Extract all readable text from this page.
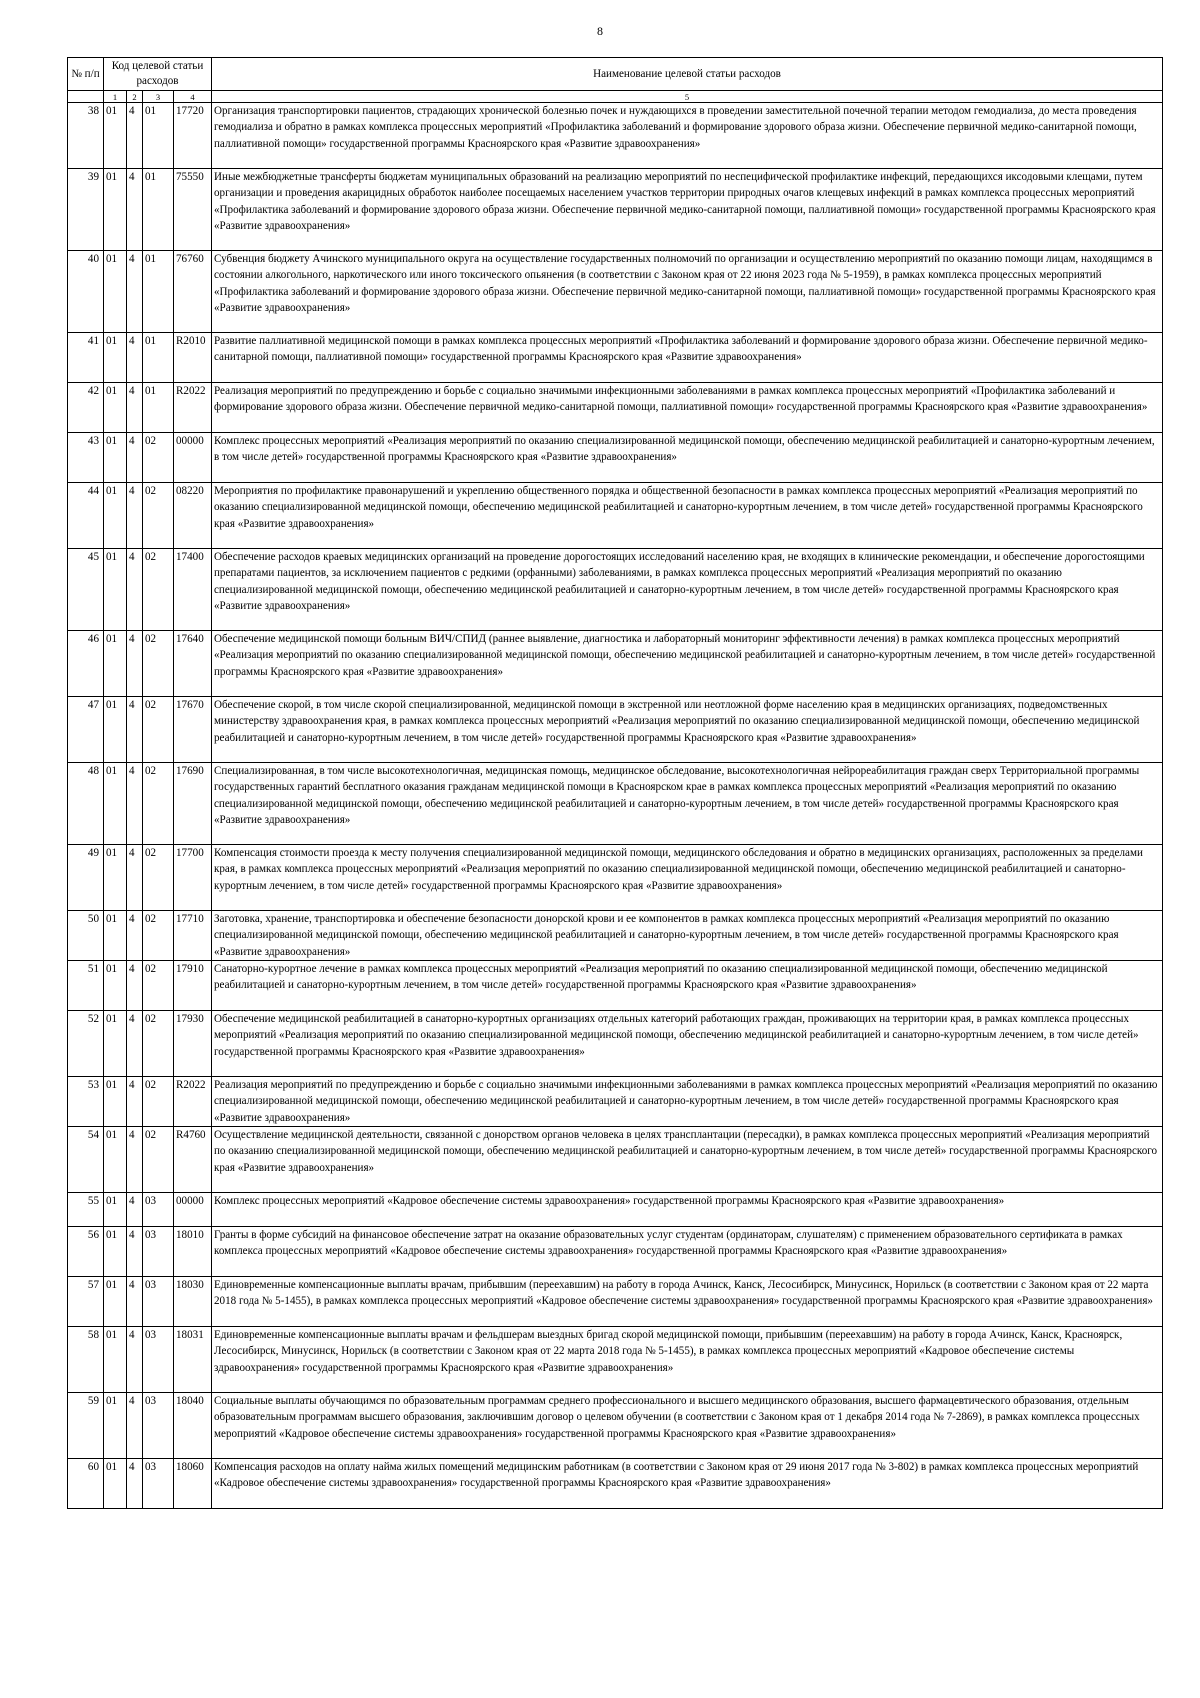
8
№ п/п	Код целевой статьи расходов				Наименование целевой статьи расходов
	1	2	3	4	5
38	01	4	01	17720	Организация транспортировки пациентов, страдающих хронической болезнью почек и нуждающихся в проведении заместительной почечной терапии методом гемодиализа, до места проведения гемодиализа и обратно в рамках комплекса процессных мероприятий «Профилактика заболеваний и формирование здорового образа жизни. Обеспечение первичной медико-санитарной помощи, паллиативной помощи» государственной программы Красноярского края «Развитие здравоохранения»
39	01	4	01	75550	Иные межбюджетные трансферты бюджетам муниципальных образований на реализацию мероприятий по неспецифической профилактике инфекций, передающихся иксодовыми клещами, путем организации и проведения акарицидных обработок наиболее посещаемых населением участков территории природных очагов клещевых инфекций в рамках комплекса процессных мероприятий «Профилактика заболеваний и формирование здорового образа жизни. Обеспечение первичной медико-санитарной помощи, паллиативной помощи» государственной программы Красноярского края «Развитие здравоохранения»
40	01	4	01	76760	Субвенция бюджету Ачинского муниципального округа на осуществление государственных полномочий по организации и осуществлению мероприятий по оказанию помощи лицам, находящимся в состоянии алкогольного, наркотического или иного токсического опьянения (в соответствии с Законом края от 22 июня 2023 года № 5-1959), в рамках комплекса процессных мероприятий «Профилактика заболеваний и формирование здорового образа жизни. Обеспечение первичной медико-санитарной помощи, паллиативной помощи» государственной программы Красноярского края «Развитие здравоохранения»
41	01	4	01	R2010	Развитие паллиативной медицинской помощи в рамках комплекса процессных мероприятий «Профилактика заболеваний и формирование здорового образа жизни. Обеспечение первичной медико-санитарной помощи, паллиативной помощи» государственной программы Красноярского края «Развитие здравоохранения»
42	01	4	01	R2022	Реализация мероприятий по предупреждению и борьбе с социально значимыми инфекционными заболеваниями в рамках комплекса процессных мероприятий «Профилактика заболеваний и формирование здорового образа жизни. Обеспечение первичной медико-санитарной помощи, паллиативной помощи» государственной программы Красноярского края «Развитие здравоохранения»
43	01	4	02	00000	Комплекс процессных мероприятий «Реализация мероприятий по оказанию специализированной медицинской помощи, обеспечению медицинской реабилитацией и санаторно-курортным лечением, в том числе детей» государственной программы Красноярского края «Развитие здравоохранения»
44	01	4	02	08220	Мероприятия по профилактике правонарушений и укреплению общественного порядка и общественной безопасности в рамках комплекса процессных мероприятий «Реализация мероприятий по оказанию специализированной медицинской помощи, обеспечению медицинской реабилитацией и санаторно-курортным лечением, в том числе детей» государственной программы Красноярского края «Развитие здравоохранения»
45	01	4	02	17400	Обеспечение расходов краевых медицинских организаций на проведение дорогостоящих исследований населению края, не входящих в клинические рекомендации, и обеспечение дорогостоящими препаратами пациентов, за исключением пациентов с редкими (орфанными) заболеваниями, в рамках комплекса процессных мероприятий «Реализация мероприятий по оказанию специализированной медицинской помощи, обеспечению медицинской реабилитацией и санаторно-курортным лечением, в том числе детей» государственной программы Красноярского края «Развитие здравоохранения»
46	01	4	02	17640	Обеспечение медицинской помощи больным ВИЧ/СПИД (раннее выявление, диагностика и лабораторный мониторинг эффективности лечения) в рамках комплекса процессных мероприятий «Реализация мероприятий по оказанию специализированной медицинской помощи, обеспечению медицинской реабилитацией и санаторно-курортным лечением, в том числе детей» государственной программы Красноярского края «Развитие здравоохранения»
47	01	4	02	17670	Обеспечение скорой, в том числе скорой специализированной, медицинской помощи в экстренной или неотложной форме населению края в медицинских организациях, подведомственных министерству здравоохранения края, в рамках комплекса процессных мероприятий «Реализация мероприятий по оказанию специализированной медицинской помощи, обеспечению медицинской реабилитацией и санаторно-курортным лечением, в том числе детей» государственной программы Красноярского края «Развитие здравоохранения»
48	01	4	02	17690	Специализированная, в том числе высокотехнологичная, медицинская помощь, медицинское обследование, высокотехнологичная нейрореабилитация граждан сверх Территориальной программы государственных гарантий бесплатного оказания гражданам медицинской помощи в Красноярском крае в рамках комплекса процессных мероприятий «Реализация мероприятий по оказанию специализированной медицинской помощи, обеспечению медицинской реабилитацией и санаторно-курортным лечением, в том числе детей» государственной программы Красноярского края «Развитие здравоохранения»
49	01	4	02	17700	Компенсация стоимости проезда к месту получения специализированной медицинской помощи, медицинского обследования и обратно в медицинских организациях, расположенных за пределами края, в рамках комплекса процессных мероприятий «Реализация мероприятий по оказанию специализированной медицинской помощи, обеспечению медицинской реабилитацией и санаторно-курортным лечением, в том числе детей» государственной программы Красноярского края «Развитие здравоохранения»
50	01	4	02	17710	Заготовка, хранение, транспортировка и обеспечение безопасности донорской крови и ее компонентов в рамках комплекса процессных мероприятий «Реализация мероприятий по оказанию специализированной медицинской помощи, обеспечению медицинской реабилитацией и санаторно-курортным лечением, в том числе детей» государственной программы Красноярского края «Развитие здравоохранения»
51	01	4	02	17910	Санаторно-курортное лечение в рамках комплекса процессных мероприятий «Реализация мероприятий по оказанию специализированной медицинской помощи, обеспечению медицинской реабилитацией и санаторно-курортным лечением, в том числе детей» государственной программы Красноярского края «Развитие здравоохранения»
52	01	4	02	17930	Обеспечение медицинской реабилитацией в санаторно-курортных организациях отдельных категорий работающих граждан, проживающих на территории края, в рамках комплекса процессных мероприятий «Реализация мероприятий по оказанию специализированной медицинской помощи, обеспечению медицинской реабилитацией и санаторно-курортным лечением, в том числе детей» государственной программы Красноярского края «Развитие здравоохранения»
53	01	4	02	R2022	Реализация мероприятий по предупреждению и борьбе с социально значимыми инфекционными заболеваниями в рамках комплекса процессных мероприятий «Реализация мероприятий по оказанию специализированной медицинской помощи, обеспечению медицинской реабилитацией и санаторно-курортным лечением, в том числе детей» государственной программы Красноярского края «Развитие здравоохранения»
54	01	4	02	R4760	Осуществление медицинской деятельности, связанной с донорством органов человека в целях трансплантации (пересадки), в рамках комплекса процессных мероприятий «Реализация мероприятий по оказанию специализированной медицинской помощи, обеспечению медицинской реабилитацией и санаторно-курортным лечением, в том числе детей» государственной программы Красноярского края «Развитие здравоохранения»
55	01	4	03	00000	Комплекс процессных мероприятий «Кадровое обеспечение системы здравоохранения» государственной программы Красноярского края «Развитие здравоохранения»
56	01	4	03	18010	Гранты в форме субсидий на финансовое обеспечение затрат на оказание образовательных услуг студентам (ординаторам, слушателям) с применением образовательного сертификата в рамках комплекса процессных мероприятий «Кадровое обеспечение системы здравоохранения» государственной программы Красноярского края «Развитие здравоохранения»
57	01	4	03	18030	Единовременные компенсационные выплаты врачам, прибывшим (переехавшим) на работу в города Ачинск, Канск, Лесосибирск, Минусинск, Норильск (в соответствии с Законом края от 22 марта 2018 года № 5-1455), в рамках комплекса процессных мероприятий «Кадровое обеспечение системы здравоохранения» государственной программы Красноярского края «Развитие здравоохранения»
58	01	4	03	18031	Единовременные компенсационные выплаты врачам и фельдшерам выездных бригад скорой медицинской помощи, прибывшим (переехавшим) на работу в города Ачинск, Канск, Красноярск, Лесосибирск, Минусинск, Норильск (в соответствии с Законом края от 22 марта 2018 года № 5-1455), в рамках комплекса процессных мероприятий «Кадровое обеспечение системы здравоохранения» государственной программы Красноярского края «Развитие здравоохранения»
59	01	4	03	18040	Социальные выплаты обучающимся по образовательным программам среднего профессионального и высшего медицинского образования, высшего фармацевтического образования, отдельным образовательным программам высшего образования, заключившим договор о целевом обучении (в соответствии с Законом края от 1 декабря 2014 года № 7-2869), в рамках комплекса процессных мероприятий «Кадровое обеспечение системы здравоохранения» государственной программы Красноярского края «Развитие здравоохранения»
60	01	4	03	18060	Компенсация расходов на оплату найма жилых помещений медицинским работникам (в соответствии с Законом края от 29 июня 2017 года № 3-802) в рамках комплекса процессных мероприятий «Кадровое обеспечение системы здравоохранения» государственной программы Красноярского края «Развитие здравоохранения»
